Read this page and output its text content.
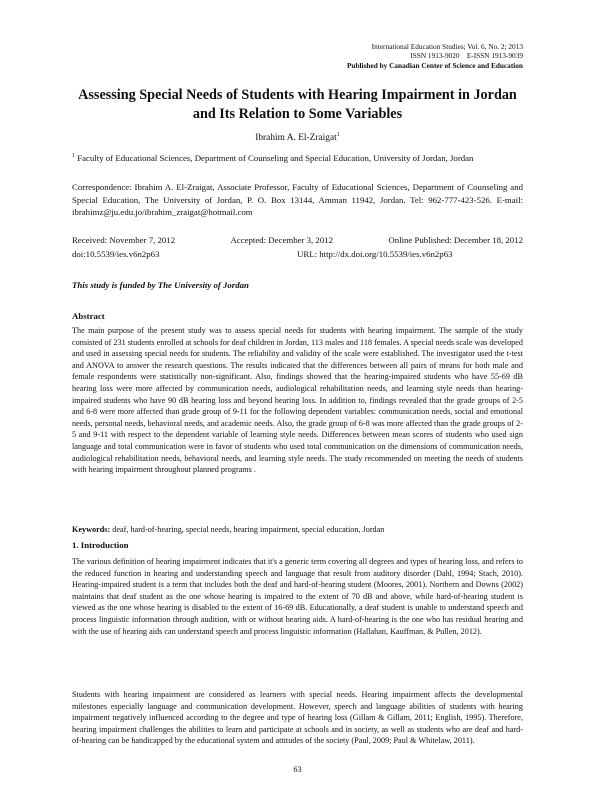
International Education Studies; Vol. 6, No. 2; 2013
ISSN 1913-9020    E-ISSN 1913-9039
Published by Canadian Center of Science and Education
Assessing Special Needs of Students with Hearing Impairment in Jordan and Its Relation to Some Variables
Ibrahim A. El-Zraigat$^1$
$^1$ Faculty of Educational Sciences, Department of Counseling and Special Education, University of Jordan, Jordan
Correspondence: Ibrahim A. El-Zraigat, Associate Professor, Faculty of Educational Sciences, Department of Counseling and Special Education, The University of Jordan, P. O. Box 13144, Amman 11942, Jordan. Tel: 962-777-423-526. E-mail: ibrahimz@ju.edu.jo/ibrahim_zraigat@hotmail.com
Received: November 7, 2012	Accepted: December 3, 2012	Online Published: December 18, 2012
doi:10.5539/ies.v6n2p63	URL: http://dx.doi.org/10.5539/ies.v6n2p63
This study is funded by The University of Jordan
Abstract
The main purpose of the present study was to assess special needs for students with hearing impairment. The sample of the study consisted of 231 students enrolled at schools for deaf children in Jordan, 113 males and 118 females. A special needs scale was developed and used in assessing special needs for students. The reliability and validity of the scale were established. The investigator used the t-test and ANOVA to answer the research questions. The results indicated that the differences between all pairs of means for both male and female respondents were statistically non-significant. Also, findings showed that the hearing-impaired students who have 55-69 dB hearing loss were more affected by communication needs, audiological rehabilitation needs, and learning style needs than hearing-impaired students who have 90 dB hearing loss and beyond hearing loss. In addition to, findings revealed that the grade groups of 2-5 and 6-8 were more affected than grade group of 9-11 for the following dependent variables: communication needs, social and emotional needs, personal needs, behavioral needs, and academic needs. Also, the grade group of 6-8 was more affected than the grade groups of 2-5 and 9-11 with respect to the dependent variable of learning style needs. Differences between mean scores of students who used sign language and total communication were in favor of students who used total communication on the dimensions of communication needs, audiological rehabilitation needs, behavioral needs, and learning style needs. The study recommended on meeting the needs of students with hearing impairment throughout planned programs .
Keywords: deaf, hard-of-hearing, special needs, hearing impairment, special education, Jordan
1. Introduction
The various definition of hearing impairment indicates that it's a generic term covering all degrees and types of hearing loss, and refers to the reduced function in hearing and understanding speech and language that result from auditory disorder (Dahl, 1994; Stach, 2010). Hearing-impaired student is a term that includes both the deaf and hard-of-hearing student (Moores, 2001). Northern and Downs (2002) maintains that deaf student as the one whose hearing is impaired to the extent of 70 dB and above, while hard-of-hearing student is viewed as the one whose hearing is disabled to the extent of 16-69 dB. Educationally, a deaf student is unable to understand speech and process linguistic information through audition, with or without hearing aids. A hard-of-hearing is the one who has residual hearing and with the use of hearing aids can understand speech and process linguistic information (Hallahan, Kauffman, & Pullen, 2012).
Students with hearing impairment are considered as learners with special needs. Hearing impairment affects the developmental milestones especially language and communication development. However, speech and language abilities of students with hearing impairment negatively influenced according to the degree and type of hearing loss (Gillam & Gillam, 2011; English, 1995). Therefore, hearing impairment challenges the abilities to learn and participate at schools and in society, as well as students who are deaf and hard-of-hearing can be handicapped by the educational system and attitudes of the society (Paul, 2009; Paul & Whitelaw, 2011).
63
